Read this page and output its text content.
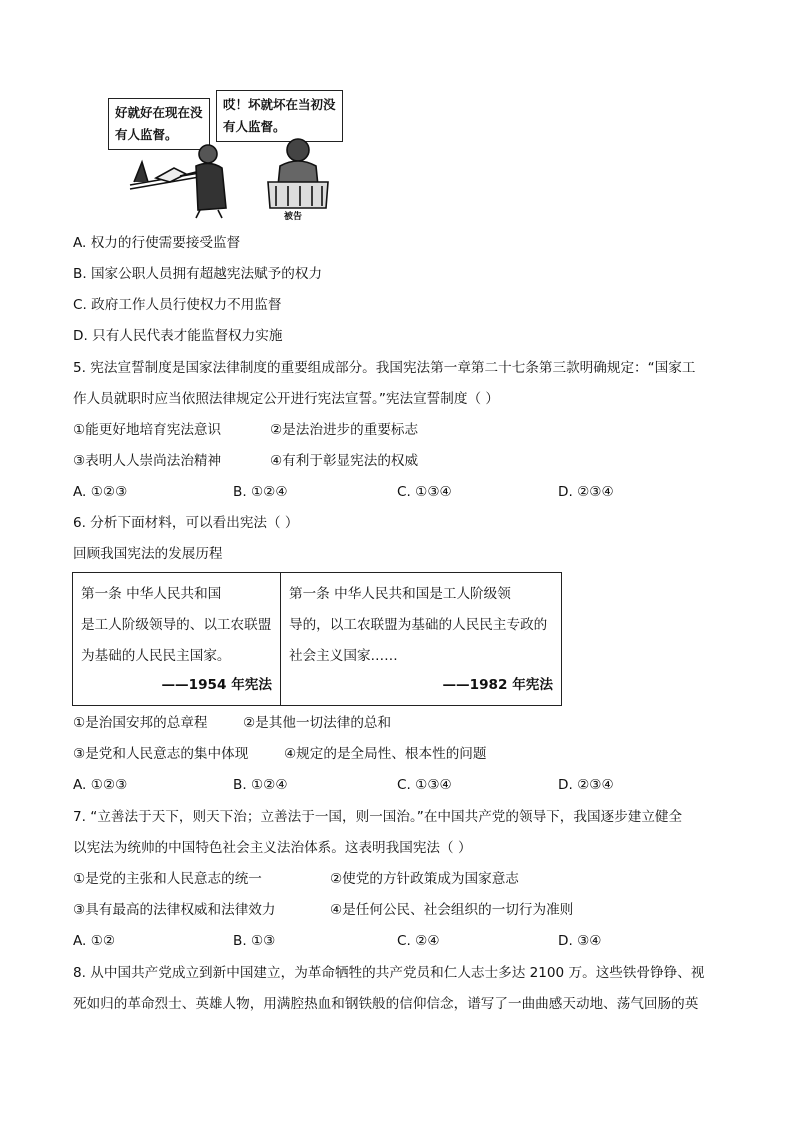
好就好在现在没
有人监督。
哎！坏就坏在当初没
有人监督。
被告
A. 权力的行使需要接受监督
B. 国家公职人员拥有超越宪法赋予的权力
C. 政府工作人员行使权力不用监督
D. 只有人民代表才能监督权力实施
5. 宪法宣誓制度是国家法律制度的重要组成部分。我国宪法第一章第二十七条第三款明确规定：“国家工
作人员就职时应当依照法律规定公开进行宪法宣誓。”宪法宣誓制度（ ）
①能更好地培育宪法意识	②是法治进步的重要标志
③表明人人崇尚法治精神	④有利于彰显宪法的权威
A. ①②③	B. ①②④	C. ①③④	D. ②③④
6. 分析下面材料，可以看出宪法（ ）
回顾我国宪法的发展历程
第一条 中华人民共和国
是工人阶级领导的、以工农联盟
为基础的人民民主国家。
——1954 年宪法
第一条 中华人民共和国是工人阶级领
导的，以工农联盟为基础的人民民主专政的
社会主义国家……
——1982 年宪法
①是治国安邦的总章程	②是其他一切法律的总和
③是党和人民意志的集中体现	④规定的是全局性、根本性的问题
A. ①②③	B. ①②④	C. ①③④	D. ②③④
7. “立善法于天下，则天下治；立善法于一国，则一国治。”在中国共产党的领导下，我国逐步建立健全
以宪法为统帅的中国特色社会主义法治体系。这表明我国宪法（ ）
①是党的主张和人民意志的统一	②使党的方针政策成为国家意志
③具有最高的法律权威和法律效力	④是任何公民、社会组织的一切行为准则
A. ①②	B. ①③	C. ②④	D. ③④
8. 从中国共产党成立到新中国建立，为革命牺牲的共产党员和仁人志士多达 2100 万。这些铁骨铮铮、视
死如归的革命烈士、英雄人物，用满腔热血和钢铁般的信仰信念，谱写了一曲曲感天动地、荡气回肠的英
